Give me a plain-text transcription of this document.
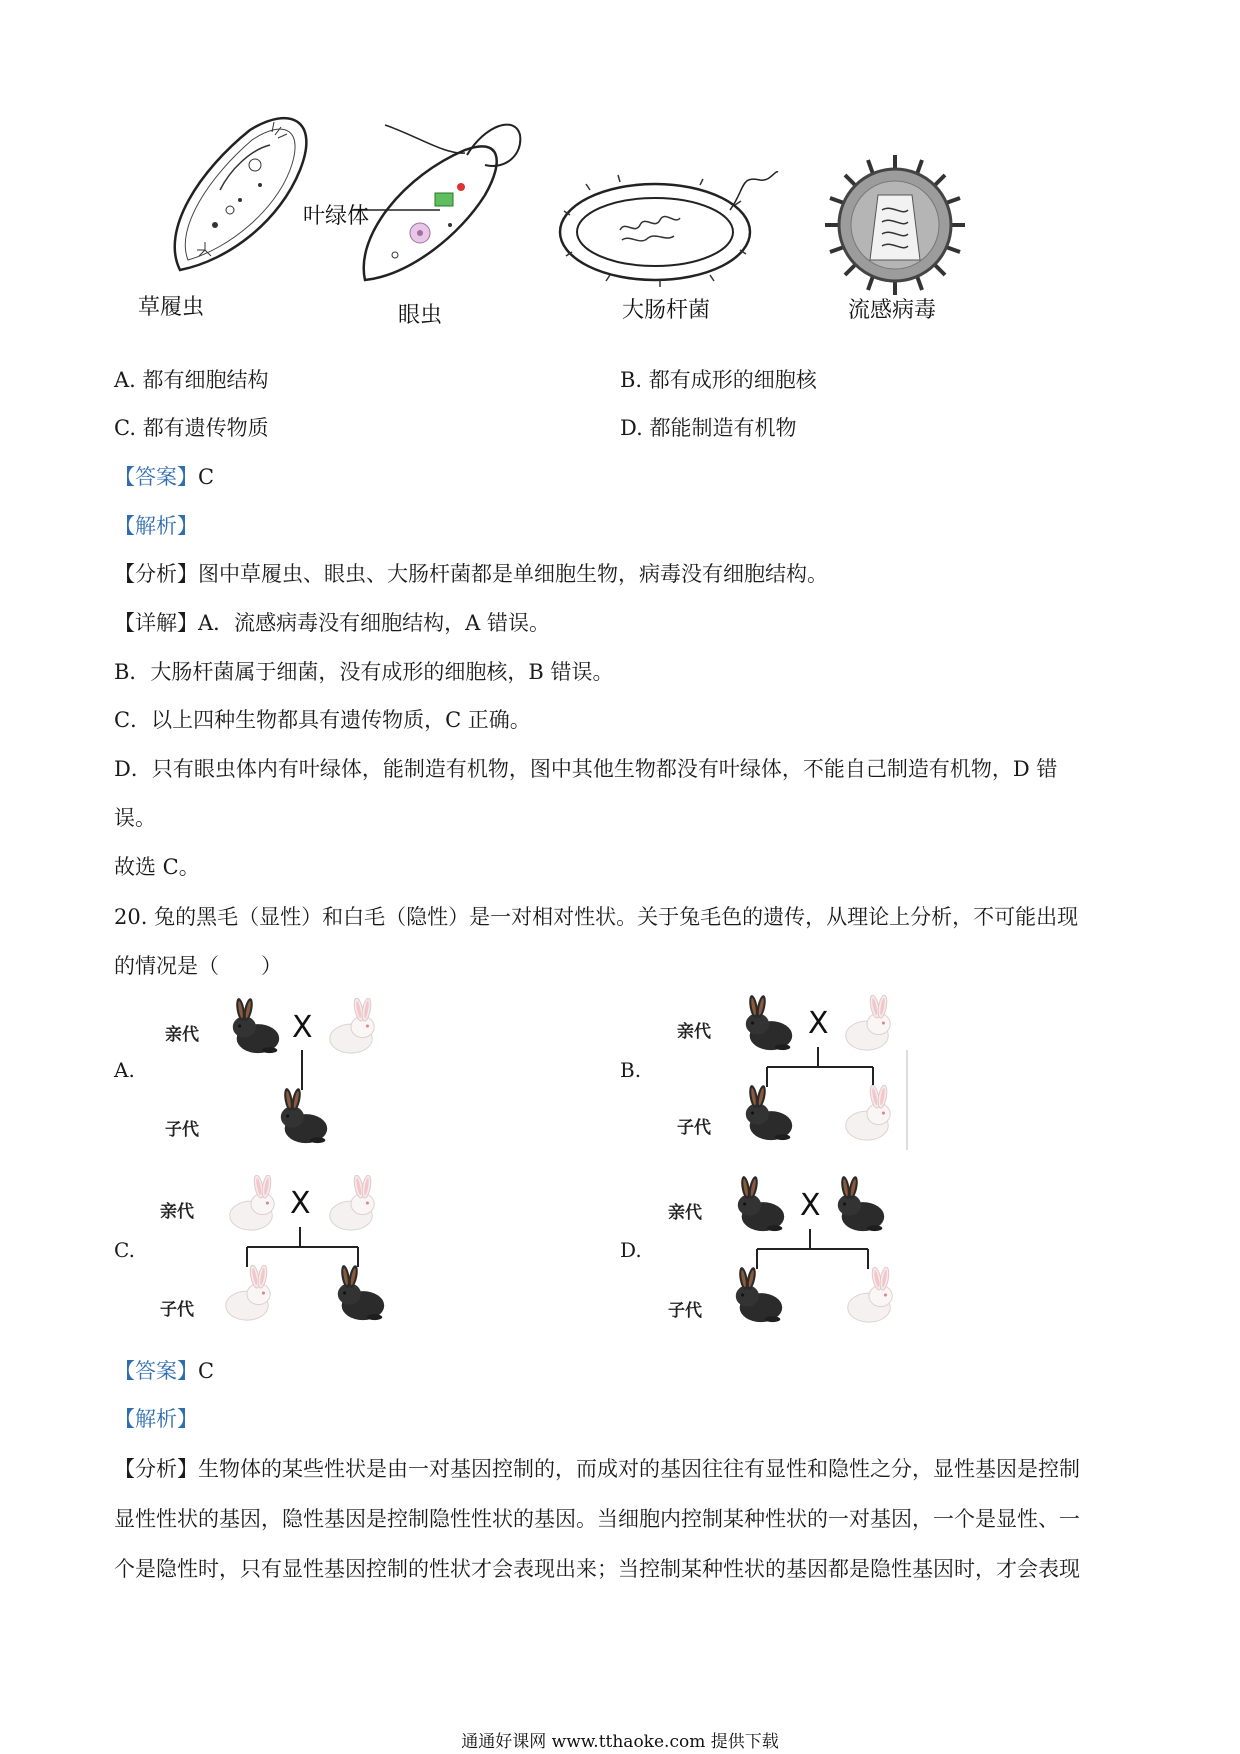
草履虫
叶绿体
眼虫	大肠杆菌	流感病毒
A. 都有细胞结构	B. 都有成形的细胞核
C. 都有遗传物质	D. 都能制造有机物
【答案】C
【解析】
【分析】图中草履虫、眼虫、大肠杆菌都是单细胞生物，病毒没有细胞结构。
【详解】A．流感病毒没有细胞结构，A 错误。
B．大肠杆菌属于细菌，没有成形的细胞核，B 错误。
C．以上四种生物都具有遗传物质，C 正确。
D．只有眼虫体内有叶绿体，能制造有机物，图中其他生物都没有叶绿体，不能自己制造有机物，D 错
误。
故选 C。
20. 兔的黑毛（显性）和白毛（隐性）是一对相对性状。关于兔毛色的遗传，从理论上分析，不可能出现
的情况是（　　）
A.
亲代
子代
X
B.
亲代
子代
X
C.
亲代
子代
X
D.
亲代
子代
X
【答案】C
【解析】
【分析】生物体的某些性状是由一对基因控制的，而成对的基因往往有显性和隐性之分，显性基因是控制
显性性状的基因，隐性基因是控制隐性性状的基因。当细胞内控制某种性状的一对基因，一个是显性、一
个是隐性时，只有显性基因控制的性状才会表现出来；当控制某种性状的基因都是隐性基因时，才会表现
通通好课网 www.tthaoke.com 提供下载
